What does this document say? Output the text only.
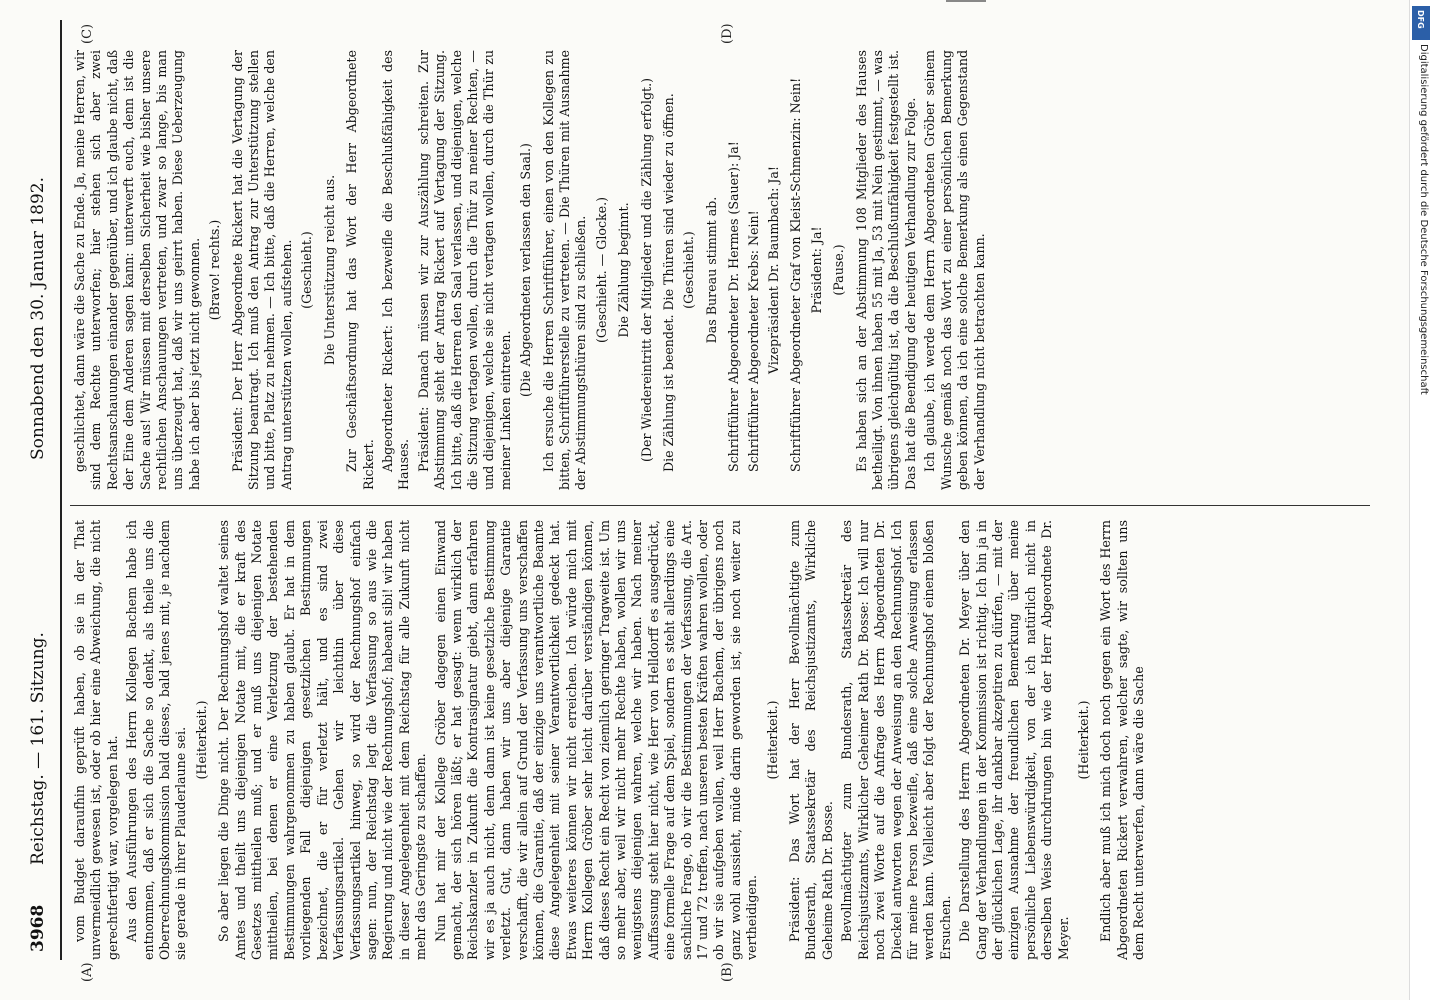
3968
Reichstag. — 161. Sitzung.
Sonnabend den 30. Januar 1892.

vom Budget daraufhin geprüft haben, ob sie in der That unvermeidlich gewesen ist, oder ob hier eine Abweichung, die nicht gerechtfertigt war, vorgelegen hat. Aus den Ausführungen des Herrn Kollegen Bachem habe ich entnommen, daß er sich die Sache so denkt, als theile uns die Oberrechnungskommission bald dieses, bald jenes mit, je nachdem sie gerade in ihrer Plauderlaune sei. (Heiterkeit.) So aber liegen die Dinge nicht. Der Rechnungshof waltet seines Amtes und theilt uns diejenigen Notate mit, die er kraft des Gesetzes mittheilen muß; und er muß uns diejenigen Notate mittheilen, bei denen er eine Verletzung der bestehenden Bestimmungen wahrgenommen zu haben glaubt. Er hat in dem vorliegenden Fall diejenigen gesetzlichen Bestimmungen bezeichnet, die er für verletzt hält, und es sind zwei Verfassungsartikel. Gehen wir leichthin über diese Verfassungsartikel hinweg, so wird der Rechnungshof einfach sagen: nun, der Reichstag legt die Verfassung so aus wie die Regierung und nicht wie der Rechnungshof; habeant sibi! wir haben in dieser Angelegenheit mit dem Reichstag für alle Zukunft nicht mehr das Geringste zu schaffen. Nun hat mir der Kollege Gröber dagegen einen Einwand gemacht, der sich hören läßt; er hat gesagt: wenn wirklich der Reichskanzler in Zukunft die Kontrasignatur giebt, dann erfahren wir es ja auch nicht, denn dann ist keine gesetzliche Bestimmung verletzt. Gut, dann haben wir uns aber diejenige Garantie verschafft, die wir allein auf Grund der Verfassung uns verschaffen können, die Garantie, daß der einzige uns verantwortliche Beamte diese Angelegenheit mit seiner Verantwortlichkeit gedeckt hat. Etwas weiteres können wir nicht erreichen. Ich würde mich mit Herrn Kollegen Gröber sehr leicht darüber verständigen können, daß dieses Recht ein Recht von ziemlich geringer Tragweite ist. Um so mehr aber, weil wir nicht mehr Rechte haben, wollen wir uns wenigstens diejenigen wahren, welche wir haben. Nach meiner Auffassung steht hier nicht, wie Herr von Helldorff es ausgedrückt, eine formelle Frage auf dem Spiel, sondern es steht allerdings eine sachliche Frage, ob wir die Bestimmungen der Verfassung, die Art. 17 und 72 treffen, nach unseren besten Kräften wahren wollen, oder ob wir sie aufgeben wollen, weil Herr Bachem, der übrigens noch ganz wohl aussieht, müde darin geworden ist, sie noch weiter zu vertheidigen.

(Heiterkeit.) Präsident: Das Wort hat der Herr Bevollmächtigte zum Bundesrath, Staatssekretär des Reichsjustizamts, Wirkliche Geheime Rath Dr. Bosse. Bevollmächtigter zum Bundesrath, Staatssekretär des Reichsjustizamts, Wirklicher Geheimer Rath Dr. Bosse: Ich will nur noch zwei Worte auf die Anfrage des Herrn Abgeordneten Dr. Dieckel antworten wegen der Anweisung an den Rechnungshof. Ich für meine Person bezweifle, daß eine solche Anweisung erlassen werden kann. Vielleicht aber folgt der Rechnungshof einem bloßen Ersuchen. Die Darstellung des Herrn Abgeordneten Dr. Meyer über den Gang der Verhandlungen in der Kommission ist richtig. Ich bin ja in der glücklichen Lage, ihr dankbar akzeptiren zu dürfen, — mit der einzigen Ausnahme der freundlichen Bemerkung über meine persönliche Liebenswürdigkeit, von der ich natürlich nicht in derselben Weise durchdrungen bin wie der Herr Abgeordnete Dr. Meyer.

(Heiterkeit.) Endlich aber muß ich mich doch noch gegen ein Wort des Herrn Abgeordneten Rickert verwahren, welcher sagte, wir sollten uns dem Recht unterwerfen, dann wäre die Sache

geschlichtet, dann wäre die Sache zu Ende. Ja, meine Herren, wir sind dem Rechte unterworfen; hier stehen sich aber zwei Rechtsanschauungen einander gegenüber, und ich glaube nicht, daß der Eine dem Anderen sagen kann: unterwerft euch, denn ist die Sache aus! Wir müssen mit derselben Sicherheit wie bisher unsere rechtlichen Anschauungen vertreten, und zwar so lange, bis man uns überzeugt hat, daß wir uns geirrt haben. Diese Ueberzeugung habe ich aber bis jetzt nicht gewonnen. (Bravo! rechts.) Präsident: Der Herr Abgeordnete Rickert hat die Vertagung der Sitzung beantragt. Ich muß den Antrag zur Unterstützung stellen und bitte, Platz zu nehmen. — Ich bitte, daß die Herren, welche den Antrag unterstützen wollen, aufstehen. (Geschieht.) Die Unterstützung reicht aus. Zur Geschäftsordnung hat das Wort der Herr Abgeordnete Rickert. Abgeordneter Rickert: Ich bezweifle die Beschlußfähigkeit des Hauses. Präsident: Danach müssen wir zur Auszählung schreiten. Zur Abstimmung steht der Antrag Rickert auf Vertagung der Sitzung. Ich bitte, daß die Herren den Saal verlassen, und diejenigen, welche die Sitzung vertagen wollen, durch die Thür zu meiner Rechten, — und diejenigen, welche sie nicht vertagen wollen, durch die Thür zu meiner Linken eintreten.

(Die Abgeordneten verlassen den Saal.) Ich ersuche die Herren Schriftführer, einen von den Kollegen zu bitten, Schriftführerstelle zu vertreten. — Die Thüren mit Ausnahme der Abstimmungsthüren sind zu schließen. (Geschieht. — Glocke.) Die Zählung beginnt. (Der Wiedereintritt der Mitglieder und die Zählung erfolgt.) Die Zählung ist beendet. Die Thüren sind wieder zu öffnen. (Geschieht.) Das Bureau stimmt ab. Schriftführer Abgeordneter Dr. Hermes (Sauer): Ja! Schriftführer Abgeordneter Krebs: Nein! Vizepräsident Dr. Baumbach: Ja! Schriftführer Abgeordneter Graf von Kleist-Schmenzin: Nein! Präsident: Ja! (Pause.) Es haben sich an der Abstimmung 108 Mitglieder des Hauses betheiligt. Von ihnen haben 55 mit Ja, 53 mit Nein gestimmt, — was übrigens gleichgültig ist, da die Beschlußunfähigkeit festgestellt ist. Das hat die Beendigung der heutigen Verhandlung zur Folge. Ich glaube, ich werde dem Herrn Abgeordneten Gröber seinem Wunsche gemäß noch das Wort zu einer persönlichen Bemerkung geben können, da ich eine solche Bemerkung als einen Gegenstand der Verhandlung nicht betrachten kann.

(A)	(B)
(C)	(D)
DFG
Digitalisierung gefördert durch die Deutsche Forschungsgemeinschaft
